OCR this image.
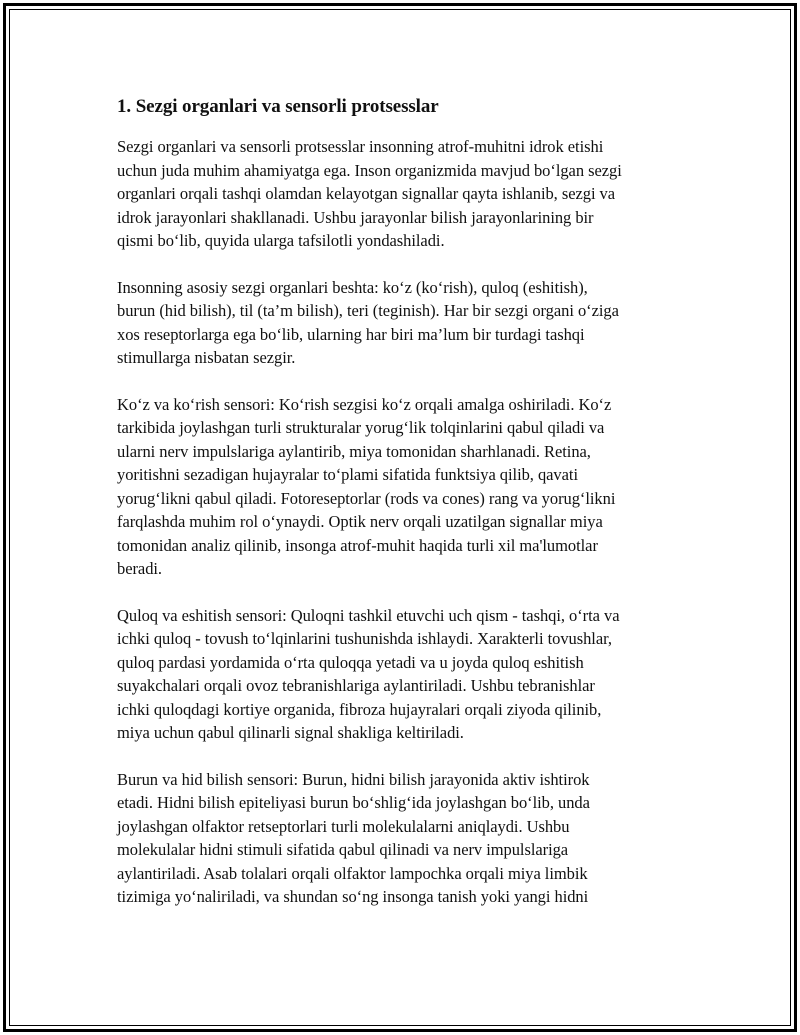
1. Sezgi organlari va sensorli protsesslar

Sezgi organlari va sensorli protsesslar insonning atrof-muhitni idrok etishi
uchun juda muhim ahamiyatga ega. Inson organizmida mavjud bo‘lgan sezgi
organlari orqali tashqi olamdan kelayotgan signallar qayta ishlanib, sezgi va
idrok jarayonlari shakllanadi. Ushbu jarayonlar bilish jarayonlarining bir
qismi bo‘lib, quyida ularga tafsilotli yondashiladi.

Insonning asosiy sezgi organlari beshta: ko‘z (ko‘rish), quloq (eshitish),
burun (hid bilish), til (ta’m bilish), teri (teginish). Har bir sezgi organi o‘ziga
xos reseptorlarga ega bo‘lib, ularning har biri ma’lum bir turdagi tashqi
stimullarga nisbatan sezgir.

Ko‘z va ko‘rish sensori: Ko‘rish sezgisi ko‘z orqali amalga oshiriladi. Ko‘z
tarkibida joylashgan turli strukturalar yorug‘lik tolqinlarini qabul qiladi va
ularni nerv impulslariga aylantirib, miya tomonidan sharhlanadi. Retina,
yoritishni sezadigan hujayralar to‘plami sifatida funktsiya qilib, qavati
yorug‘likni qabul qiladi. Fotoreseptorlar (rods va cones) rang va yorug‘likni
farqlashda muhim rol o‘ynaydi. Optik nerv orqali uzatilgan signallar miya
tomonidan analiz qilinib, insonga atrof-muhit haqida turli xil ma'lumotlar
beradi.

Quloq va eshitish sensori: Quloqni tashkil etuvchi uch qism - tashqi, o‘rta va
ichki quloq - tovush to‘lqinlarini tushunishda ishlaydi. Xarakterli tovushlar,
quloq pardasi yordamida o‘rta quloqqa yetadi va u joyda quloq eshitish
suyakchalari orqali ovoz tebranishlariga aylantiriladi. Ushbu tebranishlar
ichki quloqdagi kortiye organida, fibroza hujayralari orqali ziyoda qilinib,
miya uchun qabul qilinarli signal shakliga keltiriladi.

Burun va hid bilish sensori: Burun, hidni bilish jarayonida aktiv ishtirok
etadi. Hidni bilish epiteliyasi burun bo‘shlig‘ida joylashgan bo‘lib, unda
joylashgan olfaktor retseptorlari turli molekulalarni aniqlaydi. Ushbu
molekulalar hidni stimuli sifatida qabul qilinadi va nerv impulslariga
aylantiriladi. Asab tolalari orqali olfaktor lampochka orqali miya limbik
tizimiga yo‘naliriladi, va shundan so‘ng insonga tanish yoki yangi hidni
